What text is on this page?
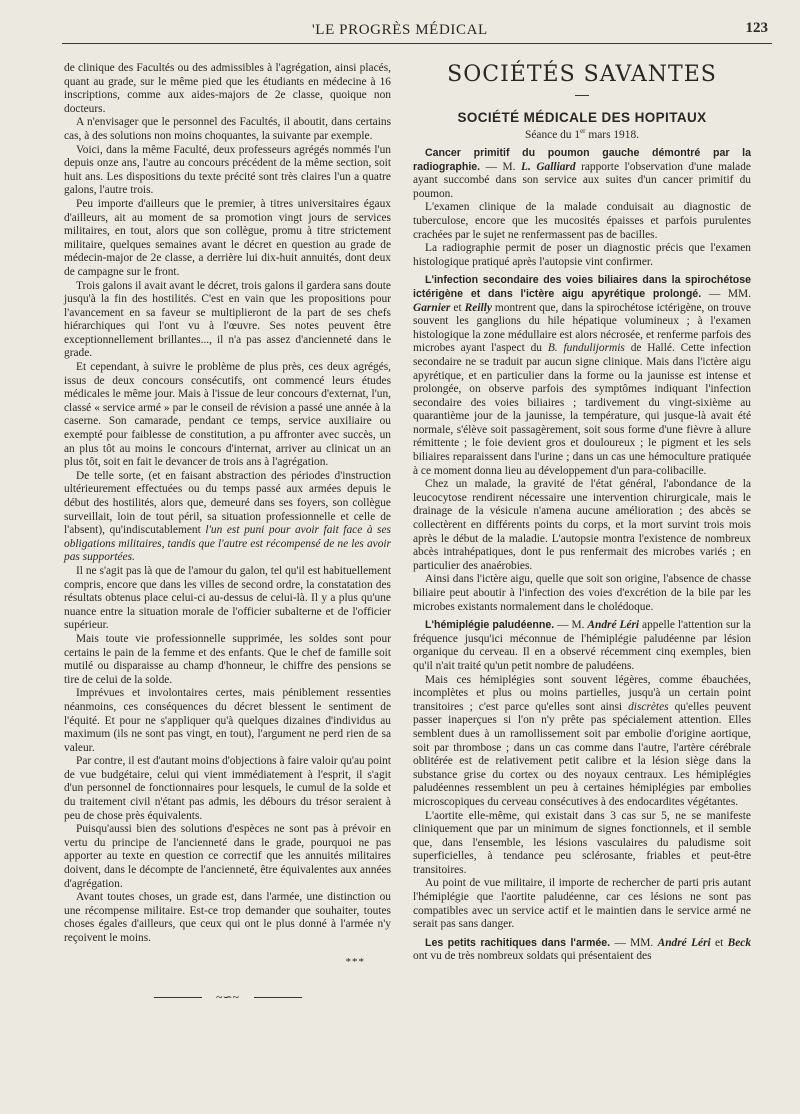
'LE PROGRÈS MÉDICAL	123

de clinique des Facultés ou des admissibles à l'agrégation, ainsi placés, quant au grade, sur le même pied que les étudiants en médecine à 16 inscriptions, comme aux aides-majors de 2e classe, quoique non docteurs.

A n'envisager que le personnel des Facultés, il aboutit, dans certains cas, à des solutions non moins choquantes, la suivante par exemple.

Voici, dans la même Faculté, deux professeurs agrégés nommés l'un depuis onze ans, l'autre au concours précédent de la même section, soit huit ans. Les dispositions du texte précité sont très claires l'un a quatre galons, l'autre trois.

Peu importe d'ailleurs que le premier, à titres universitaires égaux d'ailleurs, ait au moment de sa promotion vingt jours de services militaires, en tout, alors que son collègue, promu à titre strictement militaire, quelques semaines avant le décret en question au grade de médecin-major de 2e classe, a derrière lui dix-huit annuités, dont deux de campagne sur le front.

Trois galons il avait avant le décret, trois galons il gardera sans doute jusqu'à la fin des hostilités. C'est en vain que les propositions pour l'avancement en sa faveur se multiplieront de la part de ses chefs hiérarchiques qui l'ont vu à l'œuvre. Ses notes peuvent être exceptionnellement brillantes..., il n'a pas assez d'ancienneté dans le grade.

Et cependant, à suivre le problème de plus près, ces deux agrégés, issus de deux concours consécutifs, ont commencé leurs études médicales le même jour. Mais à l'issue de leur concours d'externat, l'un, classé « service armé » par le conseil de révision a passé une année à la caserne. Son camarade, pendant ce temps, service auxiliaire ou exempté pour faiblesse de constitution, a pu affronter avec succès, un an plus tôt au moins le concours d'internat, arriver au clinicat un an plus tôt, soit en fait le devancer de trois ans à l'agrégation.

De telle sorte, (et en faisant abstraction des périodes d'instruction ultérieurement effectuées ou du temps passé aux armées depuis le début des hostilités, alors que, demeuré dans ses foyers, son collègue surveillait, loin de tout péril, sa situation professionnelle et celle de l'absent), qu'indiscutablement l'un est puni pour avoir fait face à ses obligations militaires, tandis que l'autre est récompensé de ne les avoir pas supportées.

Il ne s'agit pas là que de l'amour du galon, tel qu'il est habituellement compris, encore que dans les villes de second ordre, la constatation des résultats obtenus place celui-ci au-dessus de celui-là. Il y a plus qu'une nuance entre la situation morale de l'officier subalterne et de l'officier supérieur.

Mais toute vie professionnelle supprimée, les soldes sont pour certains le pain de la femme et des enfants. Que le chef de famille soit mutilé ou disparaisse au champ d'honneur, le chiffre des pensions se tire de celui de la solde.

Imprévues et involontaires certes, mais péniblement ressenties néanmoins, ces conséquences du décret blessent le sentiment de l'équité. Et pour ne s'appliquer qu'à quelques dizaines d'individus au maximum (ils ne sont pas vingt, en tout), l'argument ne perd rien de sa valeur.

Par contre, il est d'autant moins d'objections à faire valoir qu'au point de vue budgétaire, celui qui vient immédiatement à l'esprit, il s'agit d'un personnel de fonctionnaires pour lesquels, le cumul de la solde et du traitement civil n'étant pas admis, les débours du trésor seraient à peu de chose près équivalents.

Puisqu'aussi bien des solutions d'espèces ne sont pas à prévoir en vertu du principe de l'ancienneté dans le grade, pourquoi ne pas apporter au texte en question ce correctif que les annuités militaires doivent, dans le décompte de l'ancienneté, être équivalentes aux années d'agrégation.

Avant toutes choses, un grade est, dans l'armée, une distinction ou une récompense militaire. Est-ce trop demander que souhaiter, toutes choses égales d'ailleurs, que ceux qui ont le plus donné à l'armée n'y reçoivent le moins.

***
~∽~
SOCIÉTÉS SAVANTES
SOCIÉTÉ MÉDICALE DES HOPITAUX
Séance du 1er mars 1918.

Cancer primitif du poumon gauche démontré par la radiographie. — M. L. Galliard rapporte l'observation d'une malade ayant succombé dans son service aux suites d'un cancer primitif du poumon.

L'examen clinique de la malade conduisait au diagnostic de tuberculose, encore que les mucosités épaisses et parfois purulentes crachées par le sujet ne renfermassent pas de bacilles.

La radiographie permit de poser un diagnostic précis que l'examen histologique pratiqué après l'autopsie vint confirmer.

L'infection secondaire des voies biliaires dans la spirochétose ictérigène et dans l'ictère aigu apyrétique prolongé. — MM. Garnier et Reilly montrent que, dans la spirochétose ictérigène, on trouve souvent les ganglions du hile hépatique volumineux ; à l'examen histologique la zone médullaire est alors nécrosée, et renferme parfois des microbes ayant l'aspect du B. fundulijormis de Hallé. Cette infection secondaire ne se traduit par aucun signe clinique. Mais dans l'ictère aigu apyrétique, et en particulier dans la forme ou la jaunisse est intense et prolongée, on observe parfois des symptômes indiquant l'infection secondaire des voies biliaires ; tardivement du vingt-sixième au quarantième jour de la jaunisse, la température, qui jusque-là avait été normale, s'élève soit passagèrement, soit sous forme d'une fièvre à allure rémittente ; le foie devient gros et douloureux ; le pigment et les sels biliaires reparaissent dans l'urine ; dans un cas une hémoculture pratiquée à ce moment donna lieu au développement d'un para-colibacille.

Chez un malade, la gravité de l'état général, l'abondance de la leucocytose rendirent nécessaire une intervention chirurgicale, mais le drainage de la vésicule n'amena aucune amélioration ; des abcès se collectèrent en différents points du corps, et la mort survint trois mois après le début de la maladie. L'autopsie montra l'existence de nombreux abcès intrahépatiques, dont le pus renfermait des microbes variés ; en particulier des anaérobies.

Ainsi dans l'ictère aigu, quelle que soit son origine, l'absence de chasse biliaire peut aboutir à l'infection des voies d'excrétion de la bile par les microbes existants normalement dans le cholédoque.

L'hémiplégie paludéenne. — M. André Léri appelle l'attention sur la fréquence jusqu'ici méconnue de l'hémiplégie paludéenne par lésion organique du cerveau. Il en a observé récemment cinq exemples, bien qu'il n'ait traité qu'un petit nombre de paludéens.

Mais ces hémiplégies sont souvent légères, comme ébauchées, incomplètes et plus ou moins partielles, jusqu'à un certain point transitoires ; c'est parce qu'elles sont ainsi discrètes qu'elles peuvent passer inaperçues si l'on n'y prête pas spécialement attention. Elles semblent dues à un ramollissement soit par embolie d'origine aortique, soit par thrombose ; dans un cas comme dans l'autre, l'artère cérébrale oblitérée est de relativement petit calibre et la lésion siège dans la substance grise du cortex ou des noyaux centraux. Les hémiplégies paludéennes ressemblent un peu à certaines hémiplégies par embolies microscopiques du cerveau consécutives à des endocardites végétantes.

L'aortite elle-même, qui existait dans 3 cas sur 5, ne se manifeste cliniquement que par un minimum de signes fonctionnels, et il semble que, dans l'ensemble, les lésions vasculaires du paludisme soit superficielles, à tendance peu sclérosante, friables et peut-être transitoires.

Au point de vue militaire, il importe de rechercher de parti pris autant l'hémiplégie que l'aortite paludéenne, car ces lésions ne sont pas compatibles avec un service actif et le maintien dans le service armé ne serait pas sans danger.

Les petits rachitiques dans l'armée. — MM. André Léri et Beck ont vu de très nombreux soldats qui présentaient des
